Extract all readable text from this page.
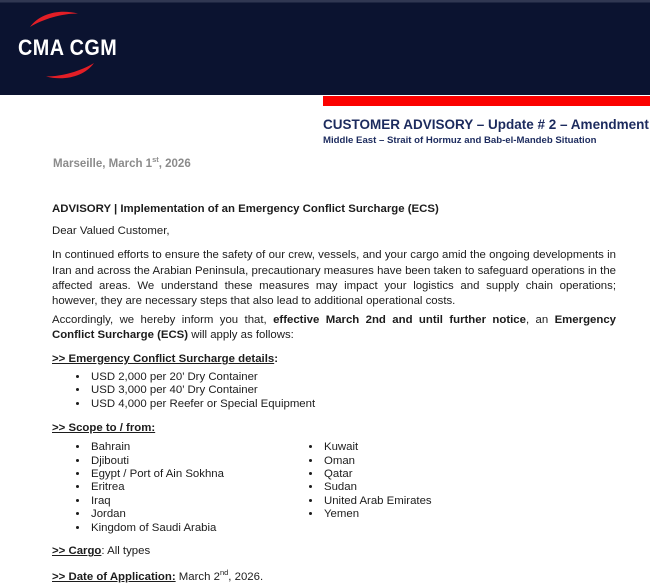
CMA CGM
CUSTOMER ADVISORY – Update # 2 – Amendment
Middle East – Strait of Hormuz and Bab-el-Mandeb Situation
Marseille, March 1st, 2026
ADVISORY | Implementation of an Emergency Conflict Surcharge (ECS)
Dear Valued Customer,

In continued efforts to ensure the safety of our crew, vessels, and your cargo amid the ongoing developments in Iran and across the Arabian Peninsula, precautionary measures have been taken to safeguard operations in the affected areas. We understand these measures may impact your logistics and supply chain operations; however, they are necessary steps that also lead to additional operational costs.

Accordingly, we hereby inform you that, effective March 2nd and until further notice, an Emergency Conflict Surcharge (ECS) will apply as follows:

>> Emergency Conflict Surcharge details:
• USD 2,000 per 20’ Dry Container
• USD 3,000 per 40’ Dry Container
• USD 4,000 per Reefer or Special Equipment
>> Scope to / from:
• Bahrain
• Djibouti
• Egypt / Port of Ain Sokhna
• Eritrea
• Iraq
• Jordan
• Kingdom of Saudi Arabia
• Kuwait
• Oman
• Qatar
• Sudan
• United Arab Emirates
• Yemen
>> Cargo: All types
>> Date of Application: March 2nd, 2026.
